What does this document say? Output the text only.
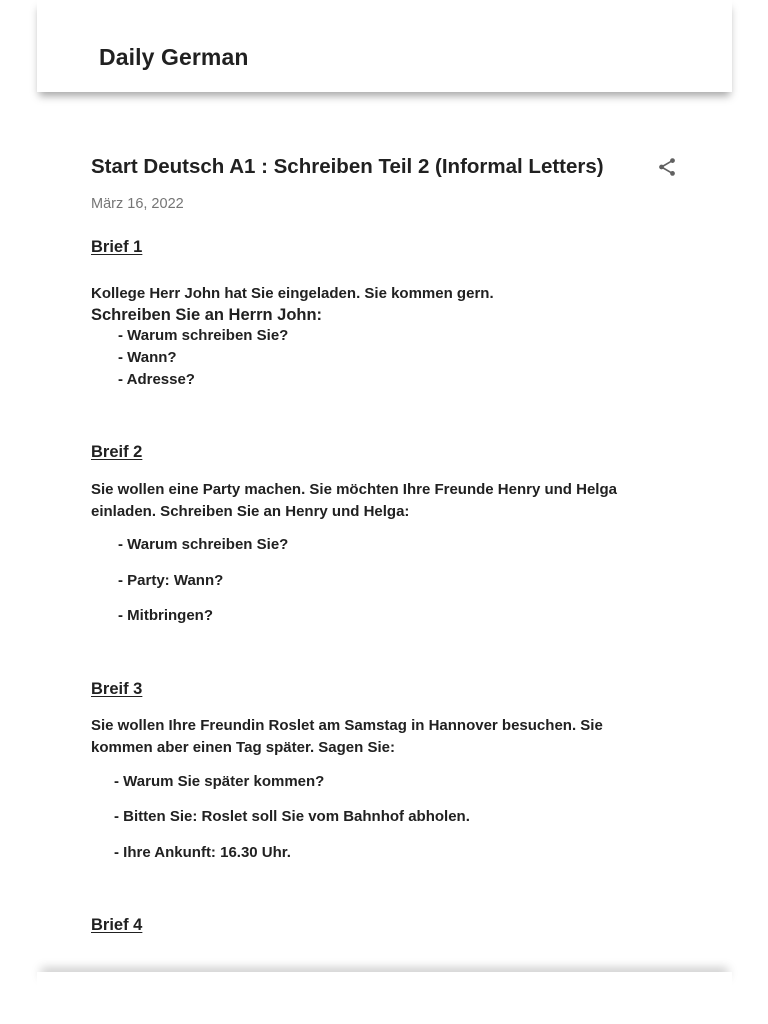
Daily German
Start Deutsch A1 : Schreiben Teil 2 (Informal Letters)
März 16, 2022
Brief 1
Kollege Herr John hat Sie eingeladen. Sie kommen gern.
Schreiben Sie an Herrn John:
- Warum schreiben Sie?
- Wann?
- Adresse?
Breif 2
Sie wollen eine Party machen. Sie möchten Ihre Freunde Henry und Helga einladen. Schreiben Sie an Henry und Helga:
- Warum schreiben Sie?
- Party: Wann?
- Mitbringen?
Breif 3
Sie wollen Ihre Freundin Roslet am Samstag in Hannover besuchen. Sie kommen aber einen Tag später. Sagen Sie:
- Warum Sie später kommen?
- Bitten Sie: Roslet soll Sie vom Bahnhof abholen.
- Ihre Ankunft: 16.30 Uhr.
Brief 4
